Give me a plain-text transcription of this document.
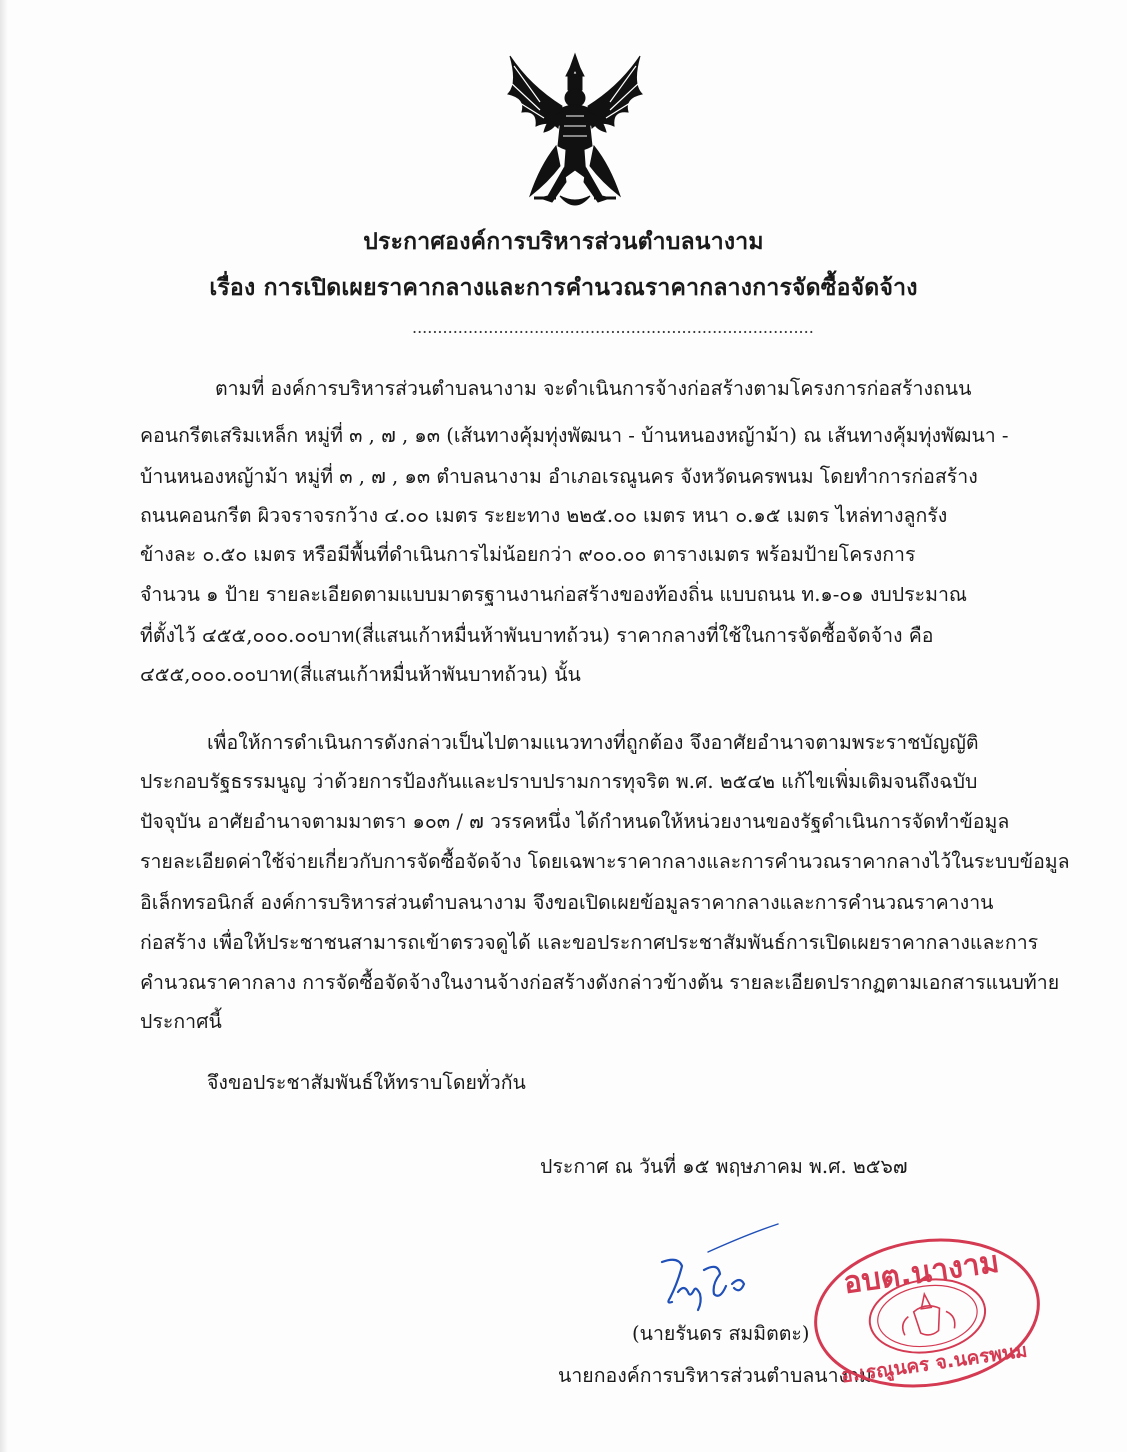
ประกาศองค์การบริหารส่วนตำบลนางาม
เรื่อง การเปิดเผยราคากลางและการคำนวณราคากลางการจัดซื้อจัดจ้าง
...............................................................................
ตามที่ องค์การบริหารส่วนตำบลนางาม จะดำเนินการจ้างก่อสร้างตามโครงการก่อสร้างถนน
คอนกรีตเสริมเหล็ก หมู่ที่ ๓ , ๗ , ๑๓ (เส้นทางคุ้มทุ่งพัฒนา - บ้านหนองหญ้าม้า) ณ เส้นทางคุ้มทุ่งพัฒนา -
บ้านหนองหญ้าม้า หมู่ที่ ๓ , ๗ , ๑๓ ตำบลนางาม อำเภอเรณูนคร จังหวัดนครพนม โดยทำการก่อสร้าง
ถนนคอนกรีต ผิวจราจรกว้าง ๔.๐๐ เมตร ระยะทาง ๒๒๕.๐๐ เมตร หนา ๐.๑๕ เมตร ไหล่ทางลูกรัง
ข้างละ ๐.๕๐ เมตร หรือมีพื้นที่ดำเนินการไม่น้อยกว่า ๙๐๐.๐๐ ตารางเมตร พร้อมป้ายโครงการ
จำนวน ๑ ป้าย รายละเอียดตามแบบมาตรฐานงานก่อสร้างของท้องถิ่น แบบถนน ท.๑-๐๑ งบประมาณ
ที่ตั้งไว้ ๔๕๕,๐๐๐.๐๐บาท(สี่แสนเก้าหมื่นห้าพันบาทถ้วน) ราคากลางที่ใช้ในการจัดซื้อจัดจ้าง คือ
๔๕๕,๐๐๐.๐๐บาท(สี่แสนเก้าหมื่นห้าพันบาทถ้วน) นั้น
เพื่อให้การดำเนินการดังกล่าวเป็นไปตามแนวทางที่ถูกต้อง จึงอาศัยอำนาจตามพระราชบัญญัติ
ประกอบรัฐธรรมนูญ ว่าด้วยการป้องกันและปราบปรามการทุจริต พ.ศ. ๒๕๔๒ แก้ไขเพิ่มเติมจนถึงฉบับ
ปัจจุบัน อาศัยอำนาจตามมาตรา ๑๐๓ / ๗ วรรคหนึ่ง ได้กำหนดให้หน่วยงานของรัฐดำเนินการจัดทำข้อมูล
รายละเอียดค่าใช้จ่ายเกี่ยวกับการจัดซื้อจัดจ้าง โดยเฉพาะราคากลางและการคำนวณราคากลางไว้ในระบบข้อมูล
อิเล็กทรอนิกส์ องค์การบริหารส่วนตำบลนางาม จึงขอเปิดเผยข้อมูลราคากลางและการคำนวณราคางาน
ก่อสร้าง เพื่อให้ประชาชนสามารถเข้าตรวจดูได้ และขอประกาศประชาสัมพันธ์การเปิดเผยราคากลางและการ
คำนวณราคากลาง การจัดซื้อจัดจ้างในงานจ้างก่อสร้างดังกล่าวข้างต้น รายละเอียดปรากฏตามเอกสารแนบท้าย
ประกาศนี้
จึงขอประชาสัมพันธ์ให้ทราบโดยทั่วกัน
ประกาศ ณ วันที่ ๑๕ พฤษภาคม พ.ศ. ๒๕๖๗
(นายรันดร สมมิตตะ)
นายกองค์การบริหารส่วนตำบลนางาม
อบต.นางาม
อ.เรณูนคร จ.นครพนม
